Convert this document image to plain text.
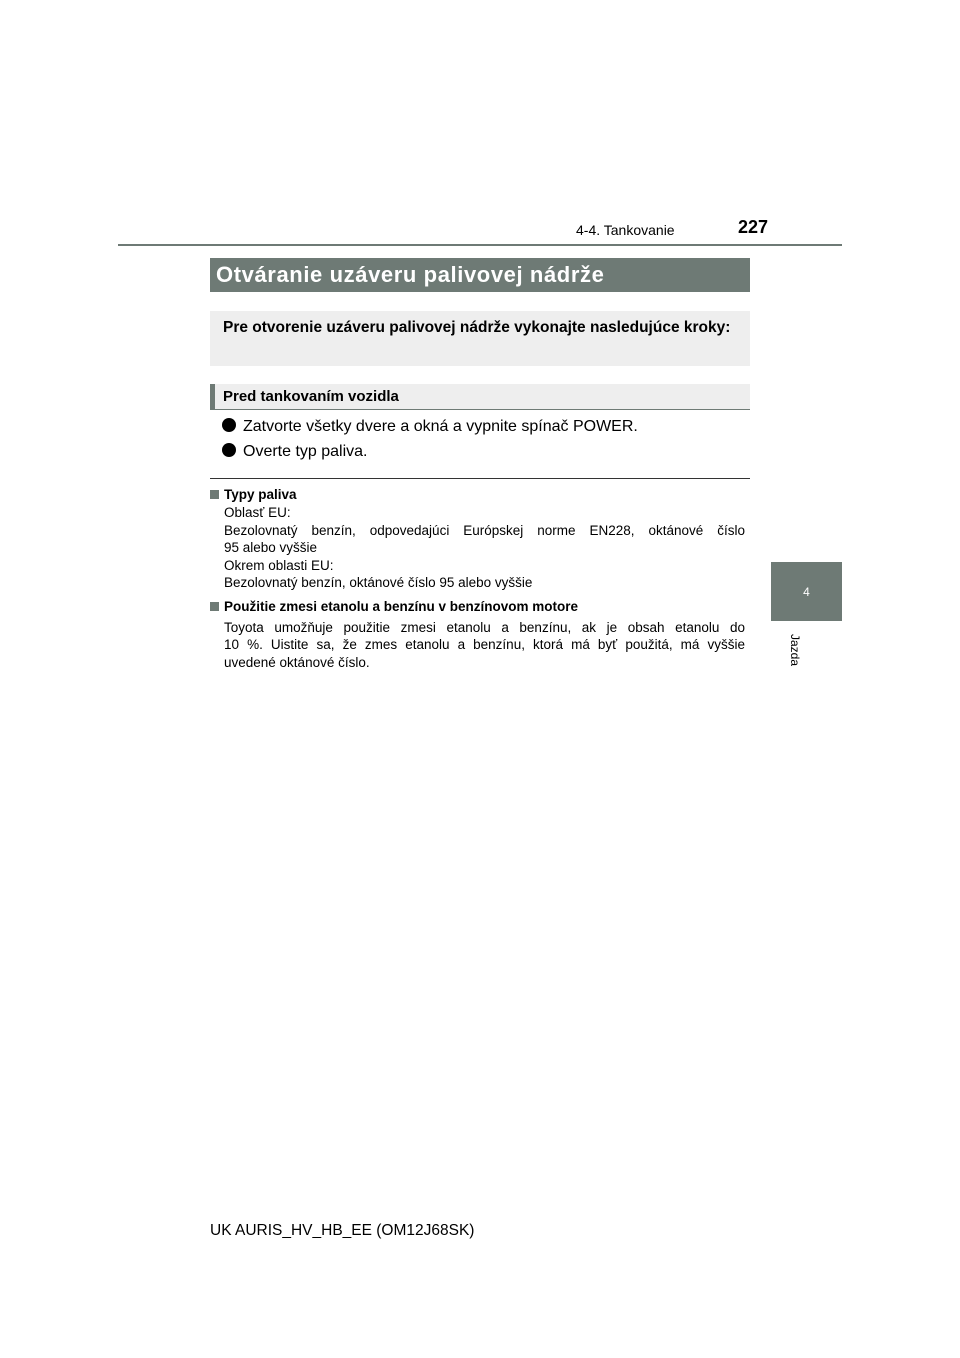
4-4. Tankovanie	227
4
Jazda
Otváranie uzáveru palivovej nádrže
Pre otvorenie uzáveru palivovej nádrže vykonajte nasledujúce kroky:
Pred tankovaním vozidla
Zatvorte všetky dvere a okná a vypnite spínač POWER.
Overte typ paliva.
Typy paliva
Oblasť EU:
Bezolovnatý benzín, odpovedajúci Európskej norme EN228, oktánové číslo
95 alebo vyššie
Okrem oblasti EU:
Bezolovnatý benzín, oktánové číslo 95 alebo vyššie
Použitie zmesi etanolu a benzínu v benzínovom motore
Toyota umožňuje použitie zmesi etanolu a benzínu, ak je obsah etanolu do
10 %. Uistite sa, že zmes etanolu a benzínu, ktorá má byť použitá, má vyššie
uvedené oktánové číslo.
UK AURIS_HV_HB_EE (OM12J68SK)
